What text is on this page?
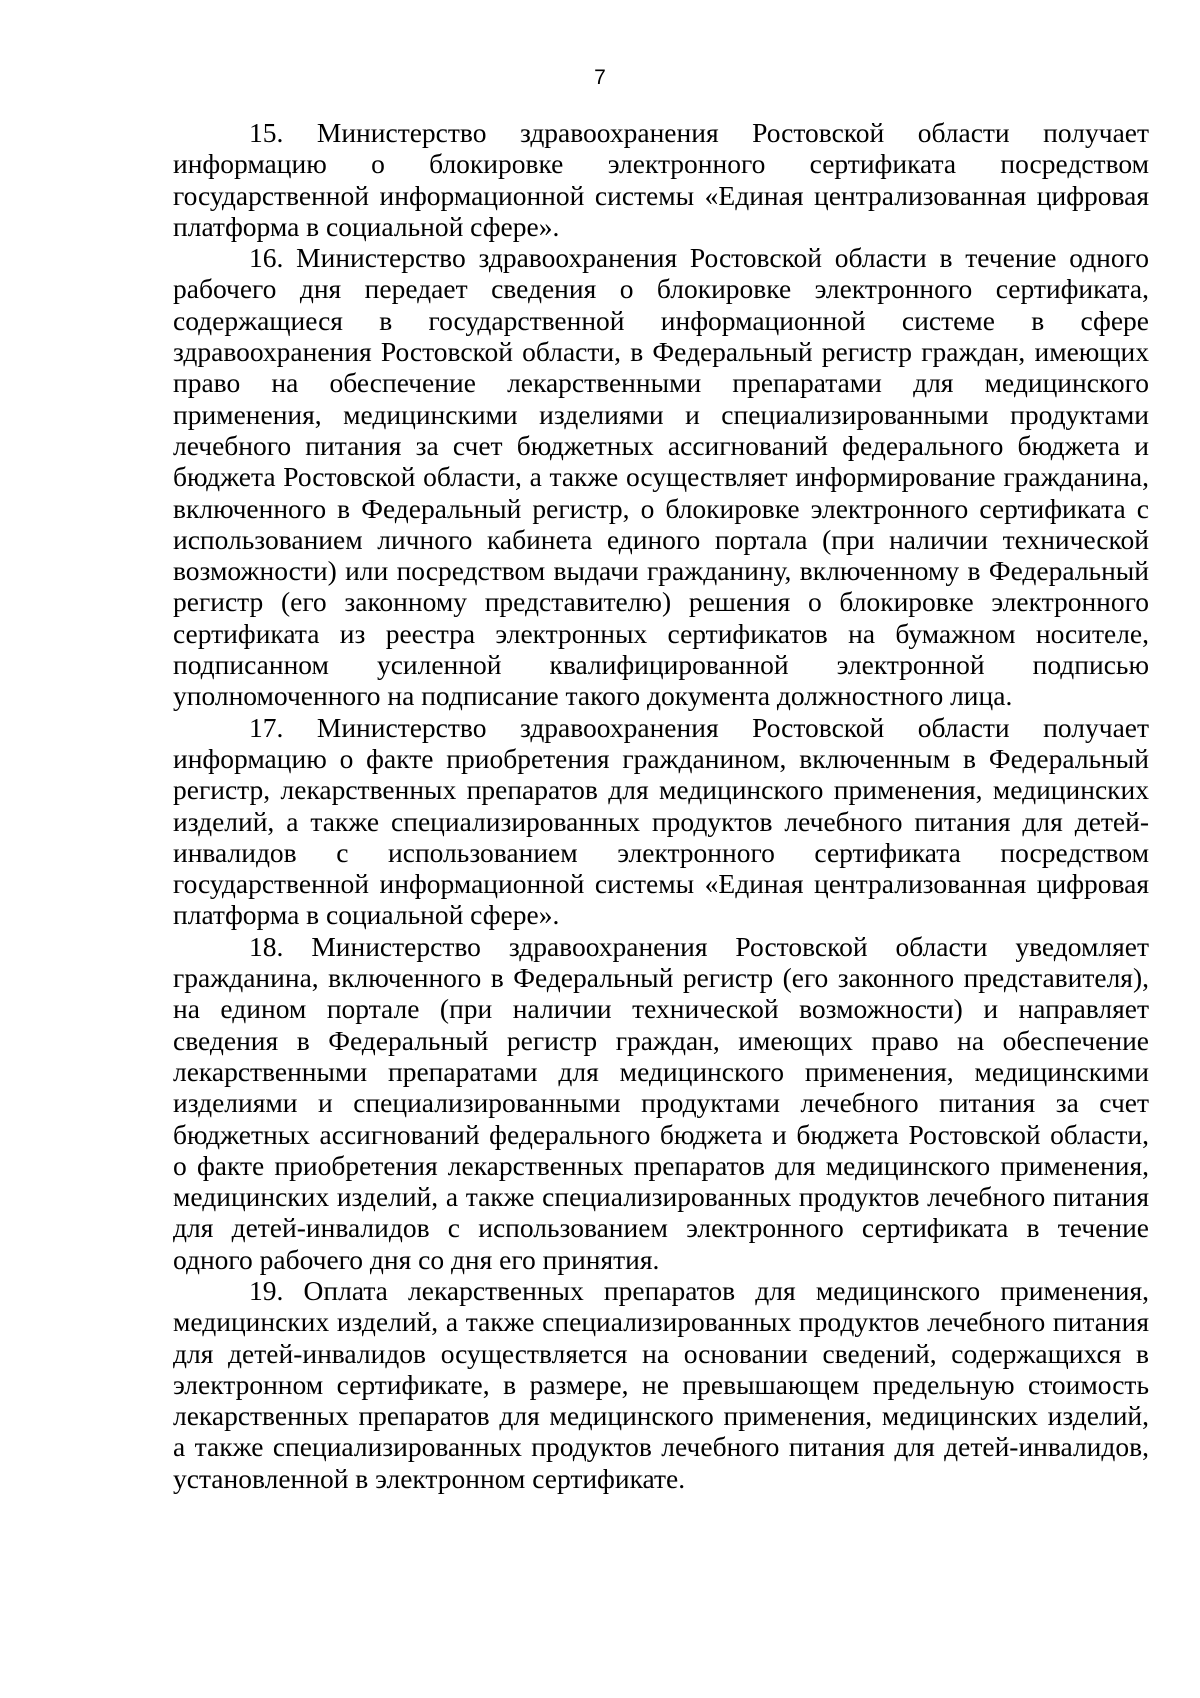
7

15. Министерство здравоохранения Ростовской области получает информацию о блокировке электронного сертификата посредством государственной информационной системы «Единая централизованная цифровая платформа в социальной сфере».

16. Министерство здравоохранения Ростовской области в течение одного рабочего дня передает сведения о блокировке электронного сертификата, содержащиеся в государственной информационной системе в сфере здравоохранения Ростовской области, в Федеральный регистр граждан, имеющих право на обеспечение лекарственными препаратами для медицинского применения, медицинскими изделиями и специализированными продуктами лечебного питания за счет бюджетных ассигнований федерального бюджета и бюджета Ростовской области, а также осуществляет информирование гражданина, включенного в Федеральный регистр, о блокировке электронного сертификата с использованием личного кабинета единого портала (при наличии технической возможности) или посредством выдачи гражданину, включенному в Федеральный регистр (его законному представителю) решения о блокировке электронного сертификата из реестра электронных сертификатов на бумажном носителе, подписанном усиленной квалифицированной электронной подписью уполномоченного на подписание такого документа должностного лица.

17. Министерство здравоохранения Ростовской области получает информацию о факте приобретения гражданином, включенным в Федеральный регистр, лекарственных препаратов для медицинского применения, медицинских изделий, а также специализированных продуктов лечебного питания для детей-инвалидов с использованием электронного сертификата посредством государственной информационной системы «Единая централизованная цифровая платформа в социальной сфере».

18. Министерство здравоохранения Ростовской области уведомляет гражданина, включенного в Федеральный регистр (его законного представителя), на едином портале (при наличии технической возможности) и направляет сведения в Федеральный регистр граждан, имеющих право на обеспечение лекарственными препаратами для медицинского применения, медицинскими изделиями и специализированными продуктами лечебного питания за счет бюджетных ассигнований федерального бюджета и бюджета Ростовской области, о факте приобретения лекарственных препаратов для медицинского применения, медицинских изделий, а также специализированных продуктов лечебного питания для детей-инвалидов с использованием электронного сертификата в течение одного рабочего дня со дня его принятия.

19. Оплата лекарственных препаратов для медицинского применения, медицинских изделий, а также специализированных продуктов лечебного питания для детей-инвалидов осуществляется на основании сведений, содержащихся в электронном сертификате, в размере, не превышающем предельную стоимость лекарственных препаратов для медицинского применения, медицинских изделий, а также специализированных продуктов лечебного питания для детей-инвалидов, установленной в электронном сертификате.
